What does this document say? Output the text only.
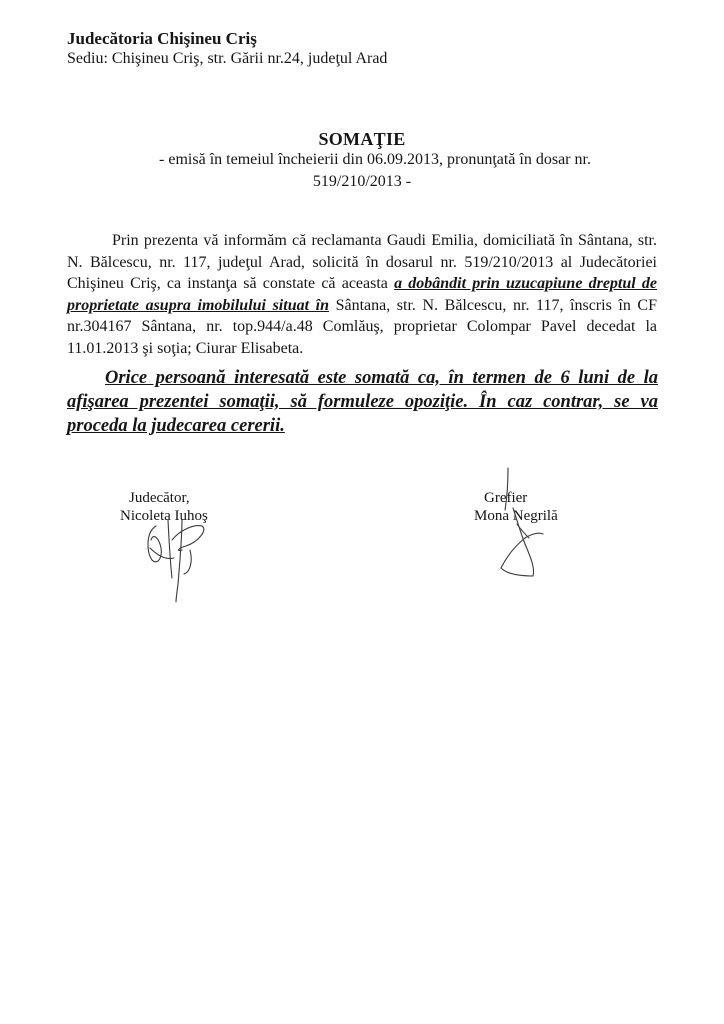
Judecătoria Chişineu Criş
Sediu: Chişineu Criş, str. Gării nr.24, judeţul Arad
SOMAŢIE
- emisă în temeiul încheierii din 06.09.2013, pronunţată în dosar nr.
519/210/2013 -

Prin prezenta vă informăm că reclamanta Gaudi Emilia, domiciliată în Sântana, str. N. Bălcescu, nr. 117, judeţul Arad, solicită în dosarul nr. 519/210/2013 al Judecătoriei Chişineu Criş, ca instanţa să constate că aceasta a dobândit prin uzucapiune dreptul de proprietate asupra imobilului situat în Sântana, str. N. Bălcescu, nr. 117, înscris în CF nr.304167 Sântana, nr. top.944/a.48 Comlăuş, proprietar Colompar Pavel decedat la 11.01.2013 şi soţia; Ciurar Elisabeta.

Orice persoană interesată este somată ca, în termen de 6 luni de la afişarea prezentei somaţii, să formuleze opoziţie. În caz contrar, se va proceda la judecarea cererii.

Judecător,
Nicoleta Iuhoş
Grefier
Mona Negrilă
